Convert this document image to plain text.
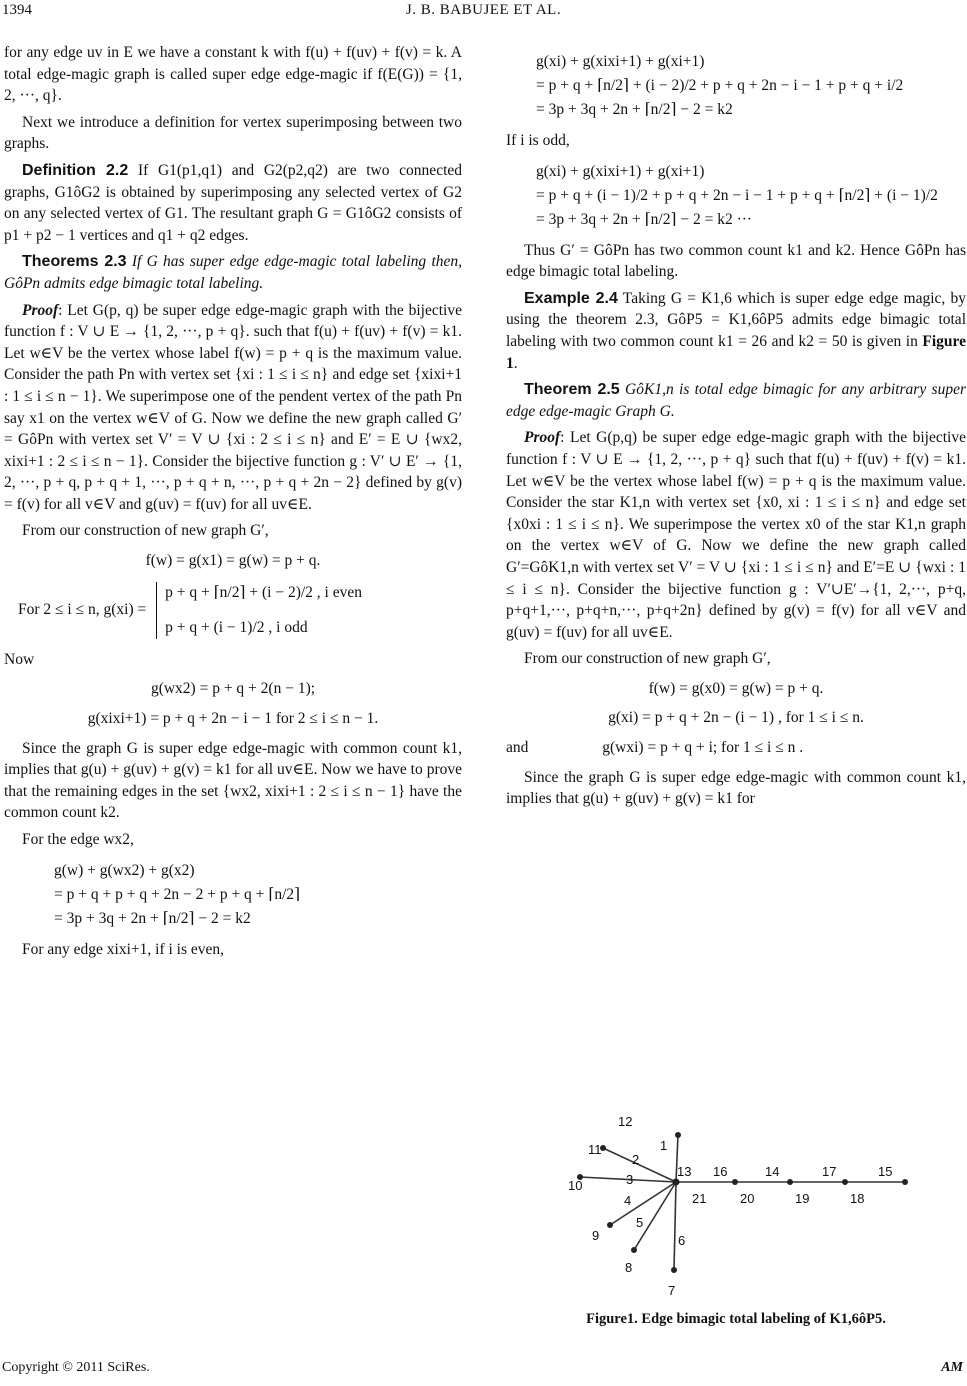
1394	J. B. BABUJEE ET AL.

for any edge uv in E we have a constant k with f(u) + f(uv) + f(v) = k. A total edge-magic graph is called super edge edge-magic if f(E(G)) = {1, 2, ···, q}.

Next we introduce a definition for vertex superimposing between two graphs.

Definition 2.2 If G1(p1,q1) and G2(p2,q2) are two connected graphs, G1ôG2 is obtained by superimposing any selected vertex of G2 on any selected vertex of G1. The resultant graph G = G1ôG2 consists of p1 + p2 − 1 vertices and q1 + q2 edges.

Theorems 2.3 If G has super edge edge-magic total labeling then, GôPn admits edge bimagic total labeling.

Proof: Let G(p, q) be super edge edge-magic graph with the bijective function f : V ∪ E → {1, 2, ···, p + q}. such that f(u) + f(uv) + f(v) = k1. Let w∈V be the vertex whose label f(w) = p + q is the maximum value. Consider the path Pn with vertex set {xi : 1 ≤ i ≤ n} and edge set {xixi+1 : 1 ≤ i ≤ n − 1}. We superimpose one of the pendent vertex of the path Pn say x1 on the vertex w∈V of G. Now we define the new graph called G′ = GôPn with vertex set V′ = V ∪ {xi : 2 ≤ i ≤ n} and E′ = E ∪ {wx2, xixi+1 : 2 ≤ i ≤ n − 1}. Consider the bijective function g : V′ ∪ E′ → {1, 2, ···, p + q, p + q + 1, ···, p + q + n, ···, p + q + 2n − 2} defined by g(v) = f(v) for all v∈V and g(uv) = f(uv) for all uv∈E.

From our construction of new graph G′,

f(w) = g(x1) = g(w) = p + q.
For 2 ≤ i ≤ n, g(xi) =
p + q + ⌈n/2⌉ + (i − 2)/2 , i even
p + q + (i − 1)/2 , i odd

Now

g(wx2) = p + q + 2(n − 1);
g(xixi+1) = p + q + 2n − i − 1 for 2 ≤ i ≤ n − 1.

Since the graph G is super edge edge-magic with common count k1, implies that g(u) + g(uv) + g(v) = k1 for all uv∈E. Now we have to prove that the remaining edges in the set {wx2, xixi+1 : 2 ≤ i ≤ n − 1} have the common count k2.

For the edge wx2,

g(w) + g(wx2) + g(x2)
= p + q + p + q + 2n − 2 + p + q + ⌈n/2⌉
= 3p + 3q + 2n + ⌈n/2⌉ − 2 = k2

For any edge xixi+1, if i is even,

g(xi) + g(xixi+1) + g(xi+1)
= p + q + ⌈n/2⌉ + (i − 2)/2 + p + q + 2n − i − 1 + p + q + i/2
= 3p + 3q + 2n + ⌈n/2⌉ − 2 = k2

If i is odd,

g(xi) + g(xixi+1) + g(xi+1)
= p + q + (i − 1)/2 + p + q + 2n − i − 1 + p + q + ⌈n/2⌉ + (i − 1)/2
= 3p + 3q + 2n + ⌈n/2⌉ − 2 = k2 ···

Thus G′ = GôPn has two common count k1 and k2. Hence GôPn has edge bimagic total labeling.

Example 2.4 Taking G = K1,6 which is super edge edge magic, by using the theorem 2.3, GôP5 = K1,6ôP5 admits edge bimagic total labeling with two common count k1 = 26 and k2 = 50 is given in Figure 1.

Theorem 2.5 GôK1,n is total edge bimagic for any arbitrary super edge edge-magic Graph G.

Proof: Let G(p,q) be super edge edge-magic graph with the bijective function f : V ∪ E → {1, 2, ···, p + q} such that f(u) + f(uv) + f(v) = k1. Let w∈V be the vertex whose label f(w) = p + q is the maximum value. Consider the star K1,n with vertex set {x0, xi : 1 ≤ i ≤ n} and edge set {x0xi : 1 ≤ i ≤ n}. We superimpose the vertex x0 of the star K1,n graph on the vertex w∈V of G. Now we define the new graph called G′=GôK1,n with vertex set V′ = V ∪ {xi : 1 ≤ i ≤ n} and E′=E ∪ {wxi : 1 ≤ i ≤ n}. Consider the bijective function g : V′∪E′→{1, 2,···, p+q, p+q+1,···, p+q+n,···, p+q+2n} defined by g(v) = f(v) for all v∈V and g(uv) = f(uv) for all uv∈E.

From our construction of new graph G′,

f(w) = g(x0) = g(w) = p + q.
g(xi) = p + q + 2n − (i − 1) , for 1 ≤ i ≤ n.
and	g(wxi) = p + q + i; for 1 ≤ i ≤ n .

Since the graph G is super edge edge-magic with common count k1, implies that g(u) + g(uv) + g(v) = k1 for

12
11
10
9
8
7
1
2
3
4
5
6
13 16	14	17	15
21	20	19	18
Figure1. Edge bimagic total labeling of K1,6ôP5.
Copyright © 2011 SciRes.	AM
